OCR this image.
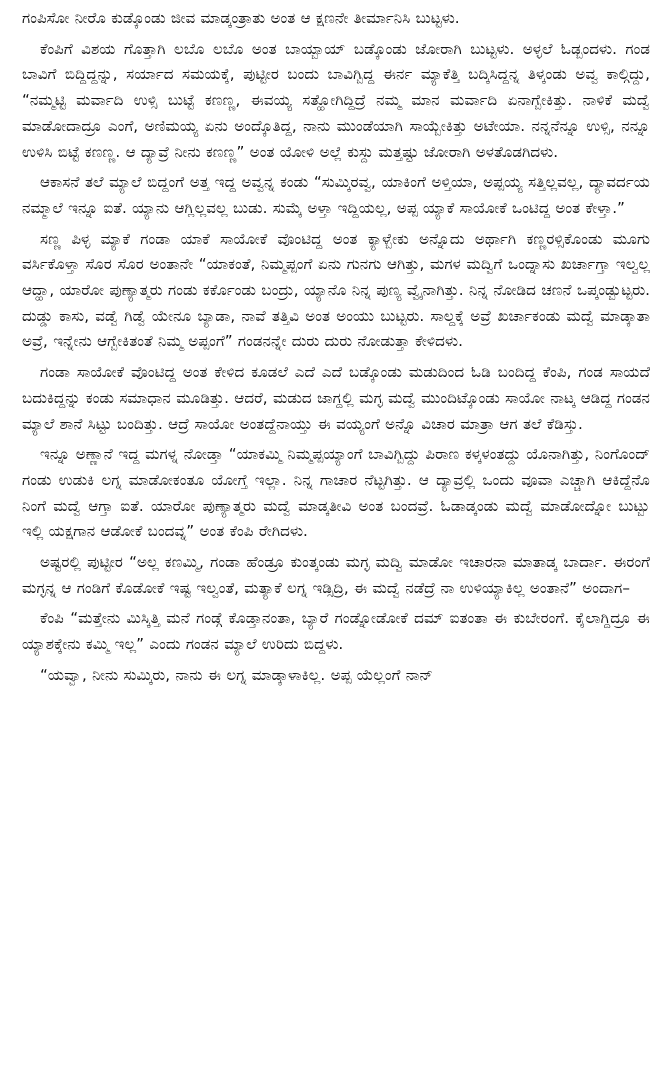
ಗಂಪಿಸೋ ನೀರೊ ಕುಡ್ಕೊಂಡು ಜೀವ ಮಾಡ್ಕಂತ್ರಾತು ಅಂತ ಆ ಕ್ಷಣನೇ ತೀರ್ಮಾನಿಸಿ ಬುಟ್ಟಳು.

ಕೆಂಪಿಗೆ ವಿಶಯ ಗೊತ್ತಾಗಿ ಲಬೊ ಲಬೊ ಅಂತ ಬಾಯ್ಬಾಯ್ ಬಡ್ಕೊಂಡು ಜೋರಾಗಿ ಬುಟ್ಟಳು. ಅಳ್ಳಲೆ ಓಡ್ಬಂದಳು. ಗಂಡ ಬಾವಿಗೆ ಬಿದ್ದಿದ್ದನ್ನು, ಸರ್ಯಾದ ಸಮಯಕ್ಕೆ, ಪುಟ್ಟೀರ ಬಂದು ಬಾವಿಗ್ಬಿದ್ದ ಈರ್ನ ಮ್ಯಾಕೆತ್ತಿ ಬದ್ಕಿಸಿದ್ದನ್ನ ತಿಳ್ಕಂಡು ಅವ್ವ ಕಾಲ್ಗಿದ್ದು, “ನಮ್ಮಟ್ಟಿ ಮರ್ವಾದಿ ಉಳ್ಸಿ ಬುಟ್ಟೆ ಕಣಣ್ಣ, ಈವಯ್ಯ ಸತ್ಹೋಗಿದ್ದಿದ್ರೆ ನಮ್ಮ ಮಾನ ಮರ್ವಾದಿ ಏನಾಗ್ಬೇಕಿತ್ತು. ನಾಳಿಕೆ ಮದ್ವೆ ಮಾಡೋದಾದ್ರೂ ಎಂಗೆ, ಅಣಿಮಯ್ಯ ಏನು ಅಂದ್ಕೊತಿದ್ದ, ನಾನು ಮುಂಡೆಯಾಗಿ ಸಾಯ್ಬೇಕಿತ್ತು ಅಟೇಯಾ. ನನ್ನನೆನ್ನೂ ಉಳ್ಸಿ, ನನ್ನೂ ಉಳಿಸಿ ಬಿಟ್ಟೆ ಕಣಣ್ಣ. ಆ ದ್ಯಾವ್ರೆ ನೀನು ಕಣಣ್ಣ” ಅಂತ ಯೋಳಿ ಅಲ್ಲೆ ಕುಸ್ದು ಮತ್ತಷ್ಟು ಜೋರಾಗಿ ಅಳತೊಡಗಿದಳು.

ಆಕಾಸನೆ ತಲೆ ಮ್ಯಾಲೆ ಬಿದ್ದಂಗೆ ಅತ್ತ ಇದ್ದ ಅವ್ವನ್ನ ಕಂಡು “ಸುಮ್ಕಿರವ್ವ, ಯಾಕಿಂಗೆ ಅಳ್ತಿಯಾ, ಅಪ್ಪಯ್ಯ ಸತ್ತಿಲ್ಲವಲ್ಲ, ದ್ಯಾವರ್ದಯ ನಮ್ಮಾಲೆ ಇನ್ನೂ ಐತೆ. ಯ್ಯಾನು ಆಗ್ಲಿಲ್ಲವಲ್ಲ ಬುಡು. ಸುಮ್ಕೆ ಅಳ್ತಾ ಇದ್ದಿಯಲ್ಲ, ಅಪ್ಪ ಯ್ಯಾಕೆ ಸಾಯೋಕೆ ಒಂಟಿದ್ದ ಅಂತ ಕೇಳ್ತಾ.”

ಸಣ್ಣ ಪಿಳ್ಳ ಮ್ಯಾಕೆ ಗಂಡಾ ಯಾಕೆ ಸಾಯೋಕೆ ವೊಂಟಿದ್ದ ಅಂತ ಕ್ಯಾಳ್ಬೇಕು ಅನ್ನೊದು ಅರ್ಥಾಗಿ ಕಣ್ಣರಳ್ಸಿಕೊಂಡು ಮೂಗು ವರ್ಸಿಕೊಳ್ತಾ ಸೊರ ಸೊರ ಅಂತಾನೇ “ಯಾಕಂತೆ, ನಿಮ್ಮಪ್ಪಂಗೆ ಏನು ಗುನಗು ಆಗಿತ್ತು, ಮಗಳ ಮದ್ವಿಗೆ ಒಂದ್ನಾಸು ಖರ್ಚಾಗ್ತಾ ಇಲ್ವಲ್ಲ ಆದ್ಹಾ, ಯಾರೋ ಪುಣ್ಯಾತ್ಮರು ಗಂಡು ಕರ್ಕೊಂಡು ಬಂದ್ರು, ಯ್ಯಾನೊ ನಿನ್ನ ಪುಣ್ಯ ವ್ವೈನಾಗಿತ್ತು. ನಿನ್ನ ನೋಡಿದ ಚಣನೆ ಒಪ್ಕಂಡ್ಬುಟ್ಟರು. ದುಡ್ಡು ಕಾಸು, ವಡ್ವೆ ಗಿಡ್ವೆ ಯೇನೂ ಬ್ಯಾಡಾ, ನಾವೆ ತತ್ತಿವಿ ಅಂತ ಅಂಯು ಬುಟ್ಟರು. ಸಾಲ್ದಕ್ಕೆ ಅವ್ರೆ ಖರ್ಚಾಕಂಡು ಮದ್ವೆ ಮಾಡ್ಕಾತಾ ಅವ್ರೆ, ಇನ್ನೇನು ಆಗ್ಬೇಕಿತಂತೆ ನಿಮ್ಮ ಅಪ್ಪಂಗೆ” ಗಂಡನನ್ನೇ ದುರು ದುರು ನೋಡುತ್ತಾ ಕೇಳಿದಳು.

ಗಂಡಾ ಸಾಯೋಕೆ ವೊಂಟಿದ್ದ ಅಂತ ಕೇಳಿದ ಕೂಡಲೆ ಎದೆ ಎದೆ ಬಡ್ಕೊಂಡು ಮಡುದಿಂದ ಓಡಿ ಬಂದಿದ್ದ ಕೆಂಪಿ, ಗಂಡ ಸಾಯದೆ ಬದುಕಿದ್ದನ್ನು ಕಂಡು ಸಮಾಧಾನ ಮೂಡಿತ್ತು. ಆದರೆ, ಮಡುದ ಜಾಗ್ದಲ್ಲಿ ಮಗ್ಳ ಮದ್ವೆ ಮುಂದಿಟ್ಕೊಂಡು ಸಾಯೋ ನಾಟ್ಕ ಆಡಿದ್ದ ಗಂಡನ ಮ್ಯಾಲೆ ಶಾನೆ ಸಿಟ್ಟು ಬಂದಿತ್ತು. ಆದ್ರೆ ಸಾಯೋ ಅಂತದ್ದೆನಾಯ್ತು ಈ ವಯ್ಯಂಗೆ ಅನ್ನೊ ವಿಚಾರ ಮಾತ್ರಾ ಆಗ ತಲೆ ಕೆಡಿಸ್ತು.

ಇನ್ನೂ ಅಣ್ಣಾನೆ ಇದ್ದ ಮಗಳ್ನ ನೋಡ್ತಾ “ಯಾಕಮ್ಮಿ ನಿಮ್ಮಪ್ಪಯ್ಯಾಂಗೆ ಬಾವಿಗ್ಬಿದ್ದು ಪಿರಾಣ ಕಳ್ಕಳಂತದ್ದು ಯೊನಾಗಿತ್ತು, ನಿಂಗೊಂದ್ ಗಂಡು ಉಡುಕಿ ಲಗ್ನ ಮಾಡೋಕಂತೂ ಯೋಗ್ತೆ ಇಲ್ಲಾ. ನಿನ್ನ ಗಾಚಾರ ನೆಟ್ಟಗಿತ್ತು. ಆ ದ್ಯಾವ್ರಲ್ಲಿ ಒಂದು ವೂವಾ ಎಚ್ಚಾಗಿ ಆಕಿದ್ದೆನೊ ನಿಂಗೆ ಮದ್ವೆ ಆಗ್ತಾ ಐತೆ. ಯಾರೋ ಪುಣ್ಯಾತ್ಮರು ಮದ್ವೆ ಮಾಡ್ಕತೀವಿ ಅಂತ ಬಂದವ್ರೆ. ಓಡಾಡ್ಕಂಡು ಮದ್ವೆ ಮಾಡೋದ್ನೋ ಬುಟ್ಬು ಇಲ್ಲಿ ಯಕ್ಷಗಾನ ಆಡೋಕೆ ಬಂದವ್ನ” ಅಂತ ಕೆಂಪಿ ರೇಗಿದಳು.

ಅಷ್ಟರಲ್ಲಿ ಪುಟ್ಟೀರ “ಅಲ್ಲ ಕಣಮ್ಮಿ, ಗಂಡಾ ಹೆಂಡ್ರೂ ಕುಂತ್ಕಂಡು ಮಗ್ಳ ಮದ್ವಿ ಮಾಡೋ ಇಚಾರನಾ ಮಾತಾಡ್ಕ ಬಾರ್ದಾ. ಈರಂಗೆ ಮಗ್ಳನ್ನ ಆ ಗಂಡಿಗೆ ಕೊಡೋಕೆ ಇಷ್ಟ ಇಲ್ವಂತೆ, ಮತ್ಯಾಕೆ ಲಗ್ನ ಇಡ್ಸಿದ್ರಿ, ಈ ಮದ್ವೆ ನಡೆದ್ರೆ ನಾ ಉಳಿಯ್ಯಾಕಿಲ್ಲ ಅಂತಾನೆ” ಅಂದಾಗ–

ಕೆಂಪಿ “ಮತ್ತೇನು ಮಿಸ್ಕಿತ್ತಿ ಮನೆ ಗಂಡ್ಗೆ ಕೊಡ್ತಾನಂತಾ, ಬ್ಯಾರೆ ಗಂಡ್ನೋಡೋಕೆ ದಮ್ ಐತಂತಾ ಈ ಕುಬೇರಂಗೆ. ಕೈಲಾಗ್ದಿದ್ರೂ ಈ ಯ್ಯಾಶಕ್ಕೇನು ಕಮ್ಮಿ ಇಲ್ಲ” ಎಂದು ಗಂಡನ ಮ್ಯಾಲೆ ಉರಿದು ಬಿದ್ದಳು.

“ಯವ್ವಾ, ನೀನು ಸುಮ್ಕಿರು, ನಾನು ಈ ಲಗ್ನ ಮಾಡ್ಕಾಳಾಕಿಲ್ಲ. ಅಪ್ಪ ಯೆಲ್ಲಂಗೆ ನಾನ್
